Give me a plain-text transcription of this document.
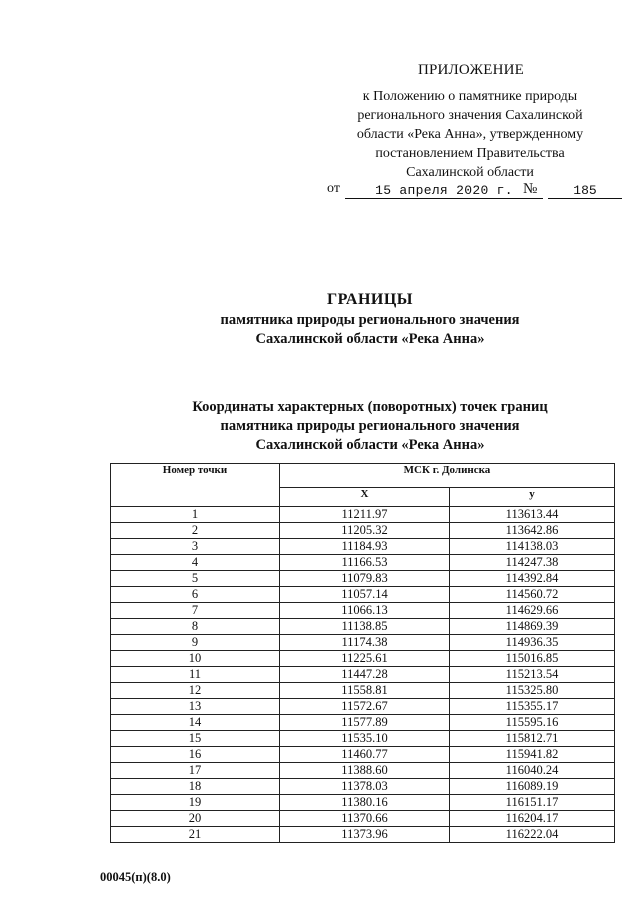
ПРИЛОЖЕНИЕ
к Положению о памятнике природы
регионального значения Сахалинской
области «Река Анна», утвержденному
постановлением Правительства
Сахалинской области
от	15 апреля 2020 г. №	185
ГРАНИЦЫ
памятника природы регионального значения
Сахалинской области «Река Анна»
Координаты характерных (поворотных) точек границ
памятника природы регионального значения
Сахалинской области «Река Анна»
Номер точки	МСК г. Долинска	
	X	y
1	11211.97	113613.44
2	11205.32	113642.86
3	11184.93	114138.03
4	11166.53	114247.38
5	11079.83	114392.84
6	11057.14	114560.72
7	11066.13	114629.66
8	11138.85	114869.39
9	11174.38	114936.35
10	11225.61	115016.85
11	11447.28	115213.54
12	11558.81	115325.80
13	11572.67	115355.17
14	11577.89	115595.16
15	11535.10	115812.71
16	11460.77	115941.82
17	11388.60	116040.24
18	11378.03	116089.19
19	11380.16	116151.17
20	11370.66	116204.17
21	11373.96	116222.04
00045(п)(8.0)
